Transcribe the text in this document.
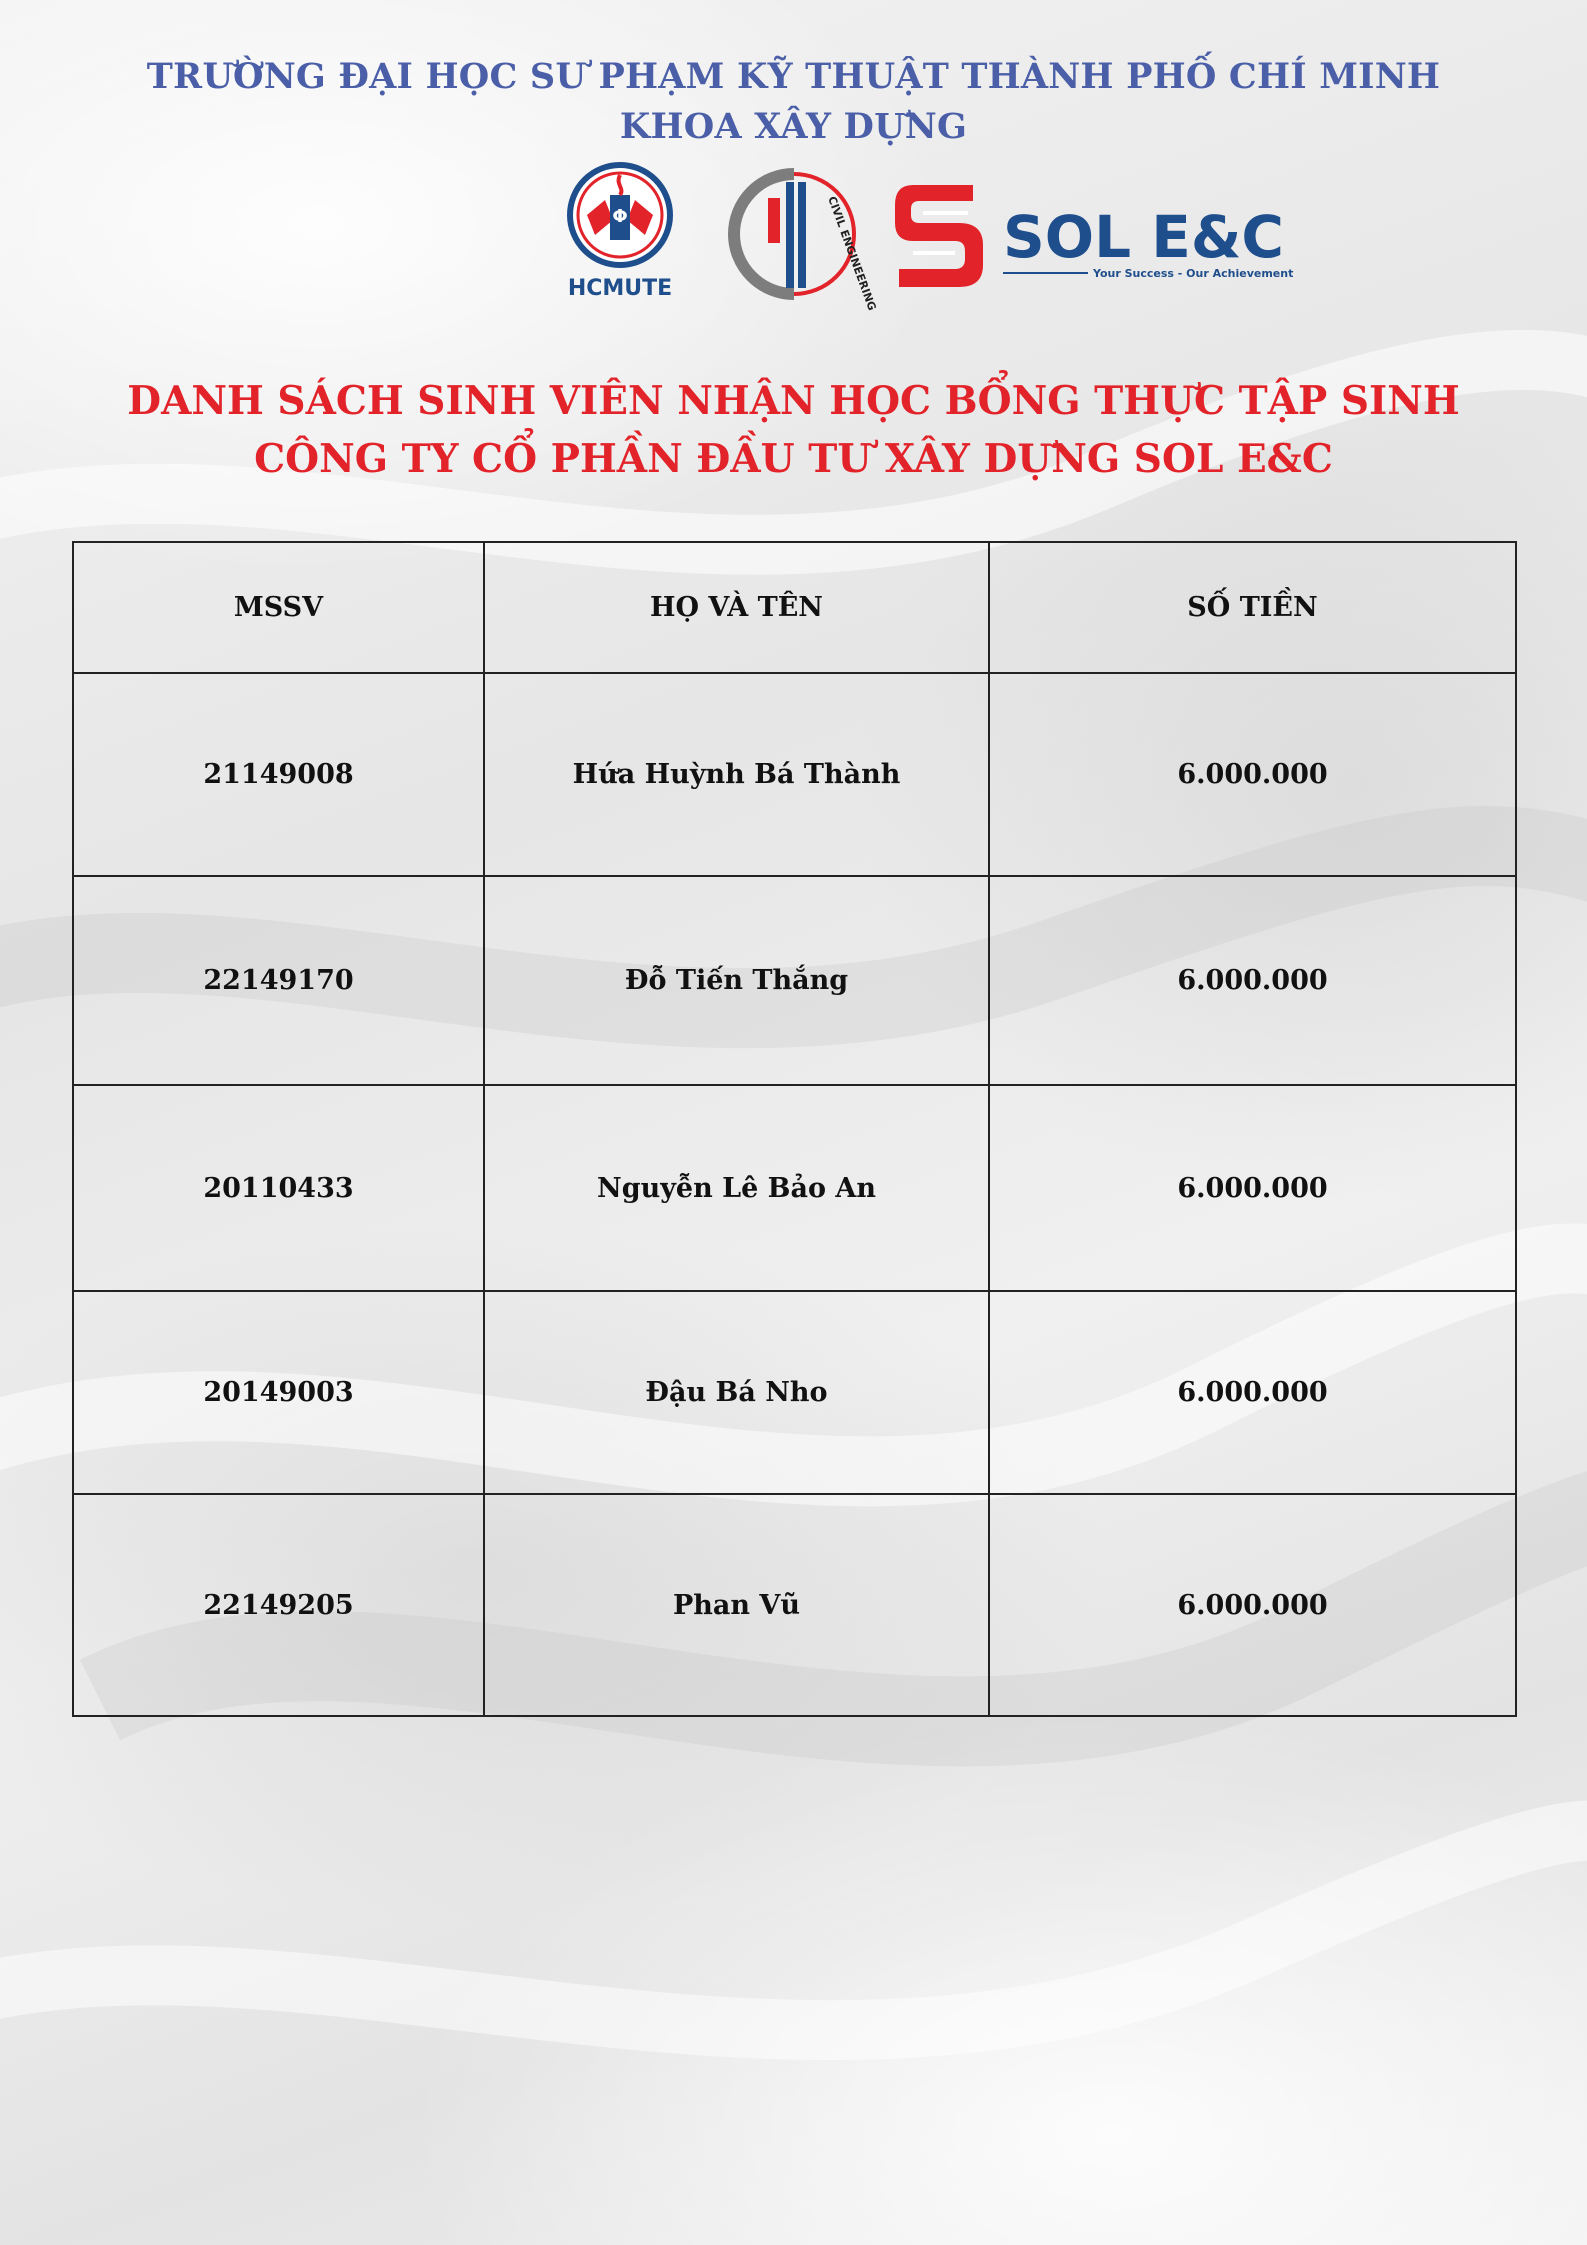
TRƯỜNG ĐẠI HỌC SƯ PHẠM KỸ THUẬT THÀNH PHỐ CHÍ MINH
KHOA XÂY DỰNG
Φ
HCMUTE	CIVIL ENGINEERING SOL E&C
Your Success - Our Achievement
DANH SÁCH SINH VIÊN NHẬN HỌC BỔNG THỰC TẬP SINH
CÔNG TY CỔ PHẦN ĐẦU TƯ XÂY DỰNG SOL E&C
MSSV	HỌ VÀ TÊN	SỐ TIỀN
21149008	Hứa Huỳnh Bá Thành	6.000.000
22149170	Đỗ Tiến Thắng	6.000.000
20110433	Nguyễn Lê Bảo An	6.000.000
20149003	Đậu Bá Nho	6.000.000
22149205	Phan Vũ	6.000.000
